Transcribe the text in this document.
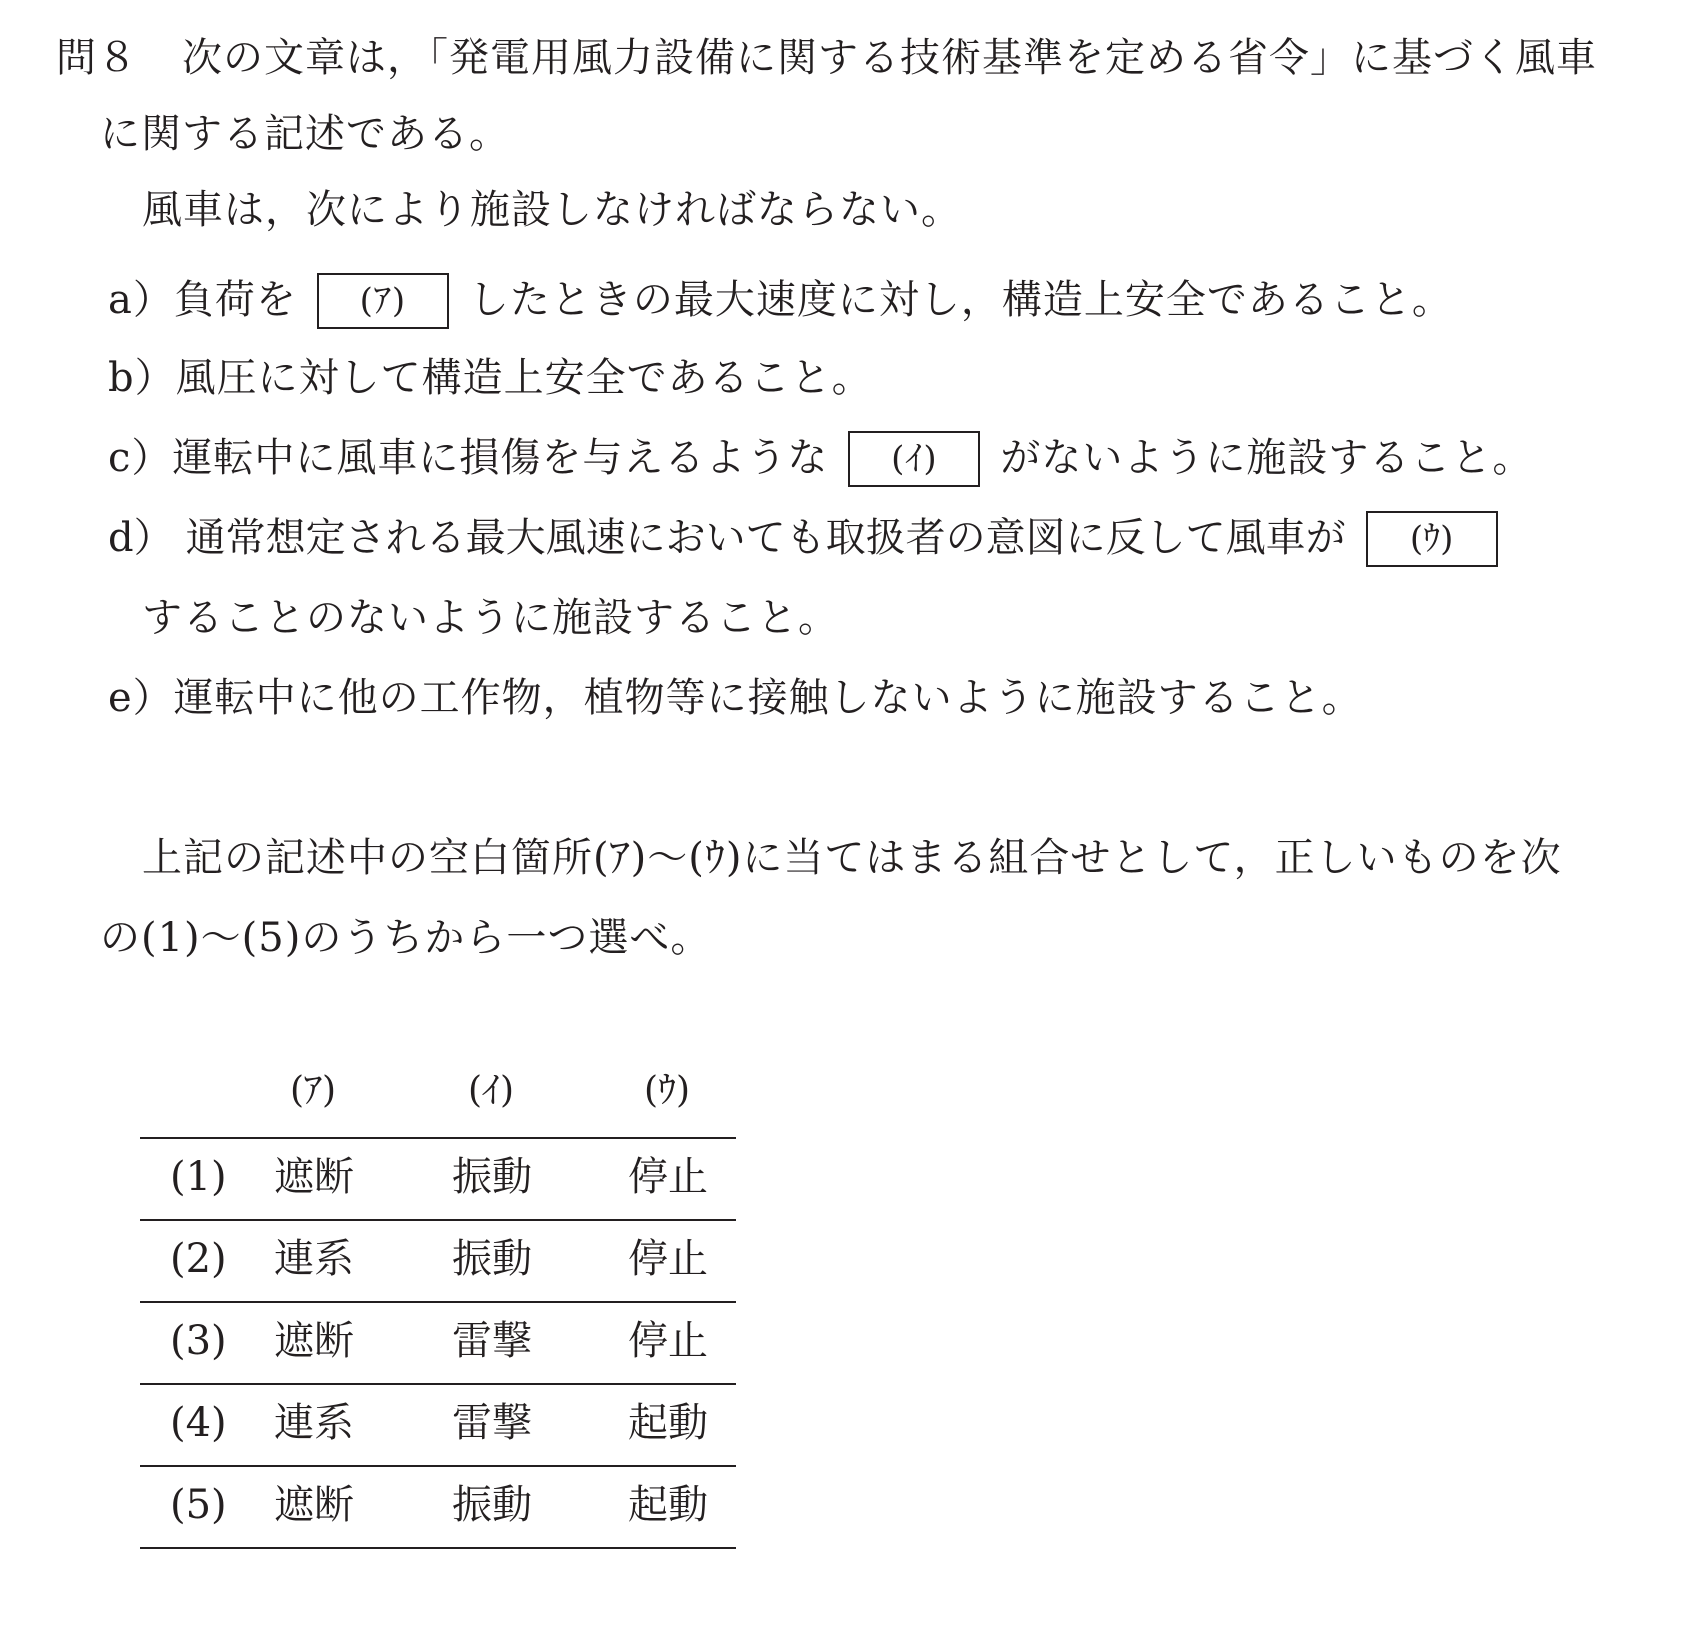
問８ 次の文章は，「発電用風力設備に関する技術基準を定める省令」に基づく風車
に関する記述である。
風車は，次により施設しなければならない。
a）負荷を (ｱ) したときの最大速度に対し，構造上安全であること。
b）風圧に対して構造上安全であること。
c）運転中に風車に損傷を与えるような (ｲ) がないように施設すること。
d） 通常想定される最大風速においても取扱者の意図に反して風車が (ｳ)
することのないように施設すること。
e）運転中に他の工作物，植物等に接触しないように施設すること。
上記の記述中の空白箇所(ｱ)～(ｳ)に当てはまる組合せとして，正しいものを次
の(1)～(5)のうちから一つ選べ。
(ｱ)	(ｲ)	(ｳ)
(1) 遮断 振動 停止
(2) 連系 振動 停止
(3) 遮断 雷撃 停止
(4) 連系 雷撃 起動
(5) 遮断 振動 起動
